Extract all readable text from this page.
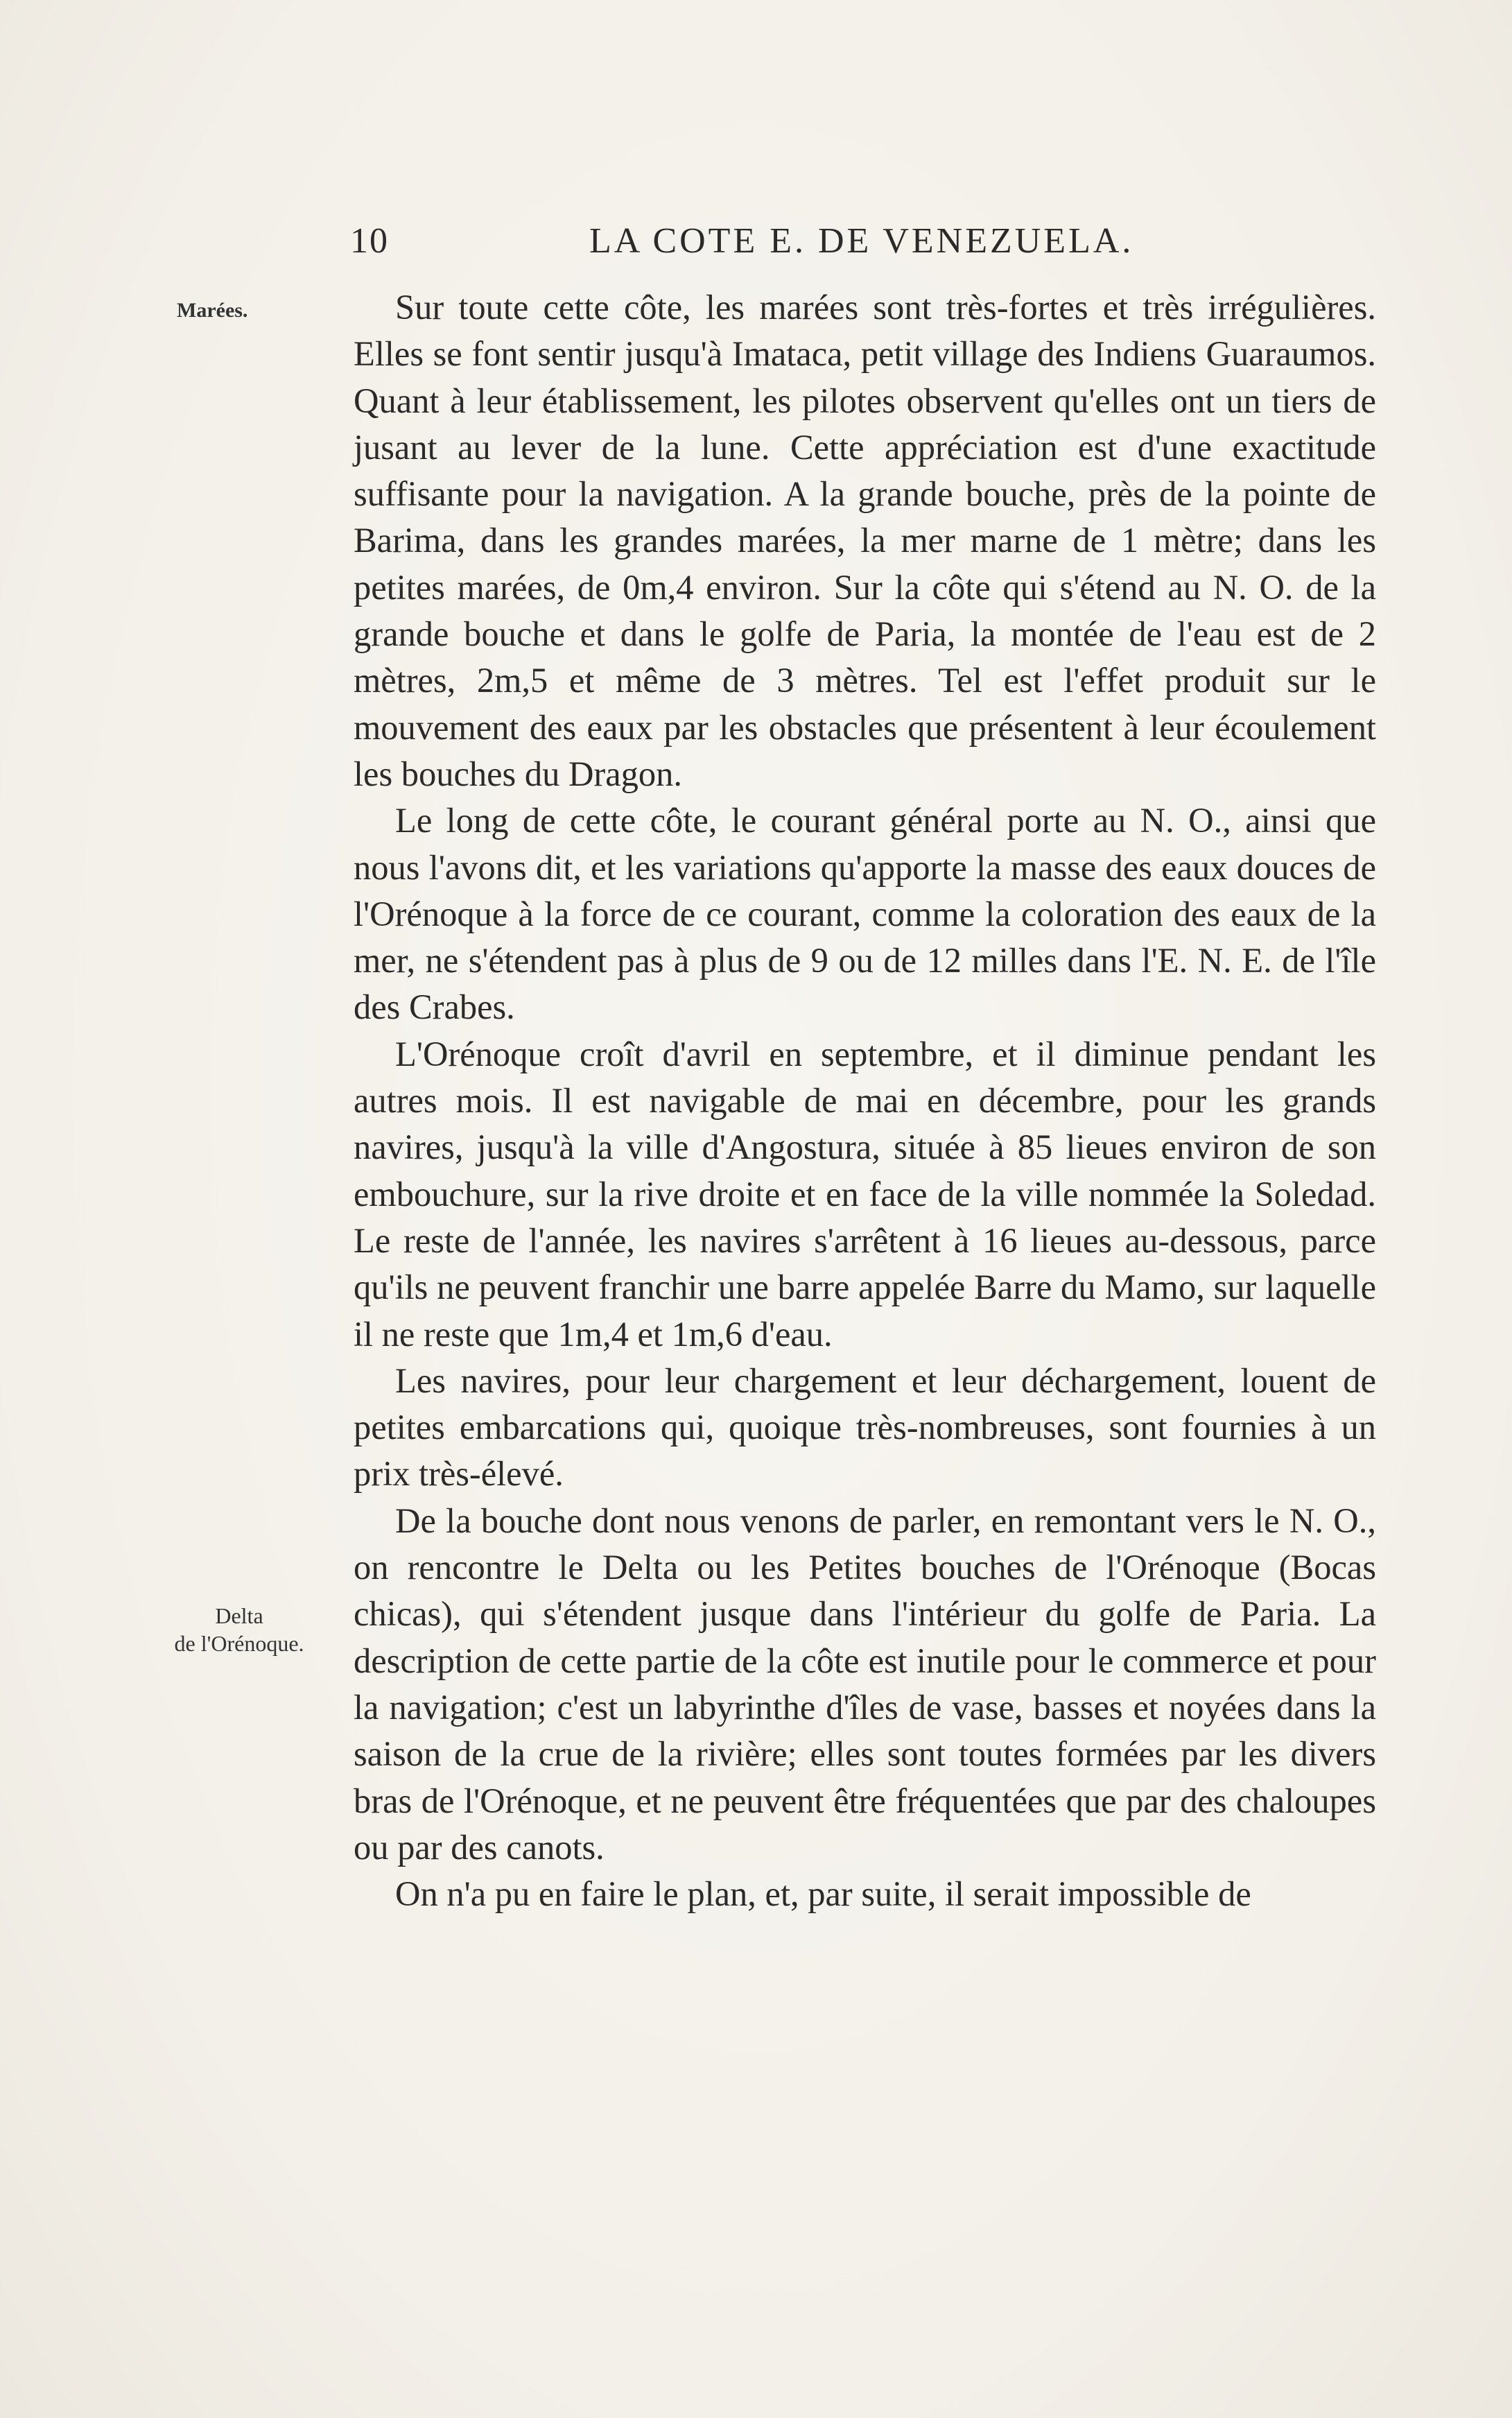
10	LA COTE E. DE VENEZUELA.
Marées.
Delta
de l'Orénoque.

Sur toute cette côte, les marées sont très-fortes et très irrégulières. Elles se font sentir jusqu'à Imataca, petit village des Indiens Guaraumos. Quant à leur établissement, les pilotes observent qu'elles ont un tiers de jusant au lever de la lune. Cette appréciation est d'une exactitude suffisante pour la navigation. A la grande bouche, près de la pointe de Barima, dans les grandes marées, la mer marne de 1 mètre; dans les petites marées, de 0m,4 environ. Sur la côte qui s'étend au N. O. de la grande bouche et dans le golfe de Paria, la montée de l'eau est de 2 mètres, 2m,5 et même de 3 mètres. Tel est l'effet produit sur le mouvement des eaux par les obstacles que présentent à leur écoulement les bouches du Dragon.

Le long de cette côte, le courant général porte au N. O., ainsi que nous l'avons dit, et les variations qu'apporte la masse des eaux douces de l'Orénoque à la force de ce courant, comme la coloration des eaux de la mer, ne s'étendent pas à plus de 9 ou de 12 milles dans l'E. N. E. de l'île des Crabes.

L'Orénoque croît d'avril en septembre, et il diminue pendant les autres mois. Il est navigable de mai en décembre, pour les grands navires, jusqu'à la ville d'Angostura, située à 85 lieues environ de son embouchure, sur la rive droite et en face de la ville nommée la Soledad. Le reste de l'année, les navires s'arrêtent à 16 lieues au-dessous, parce qu'ils ne peuvent franchir une barre appelée Barre du Mamo, sur laquelle il ne reste que 1m,4 et 1m,6 d'eau.

Les navires, pour leur chargement et leur déchargement, louent de petites embarcations qui, quoique très-nombreuses, sont fournies à un prix très-élevé.

De la bouche dont nous venons de parler, en remontant vers le N. O., on rencontre le Delta ou les Petites bouches de l'Orénoque (Bocas chicas), qui s'étendent jusque dans l'intérieur du golfe de Paria. La description de cette partie de la côte est inutile pour le commerce et pour la navigation; c'est un labyrinthe d'îles de vase, basses et noyées dans la saison de la crue de la rivière; elles sont toutes formées par les divers bras de l'Orénoque, et ne peuvent être fréquentées que par des chaloupes ou par des canots.

On n'a pu en faire le plan, et, par suite, il serait impossible de
